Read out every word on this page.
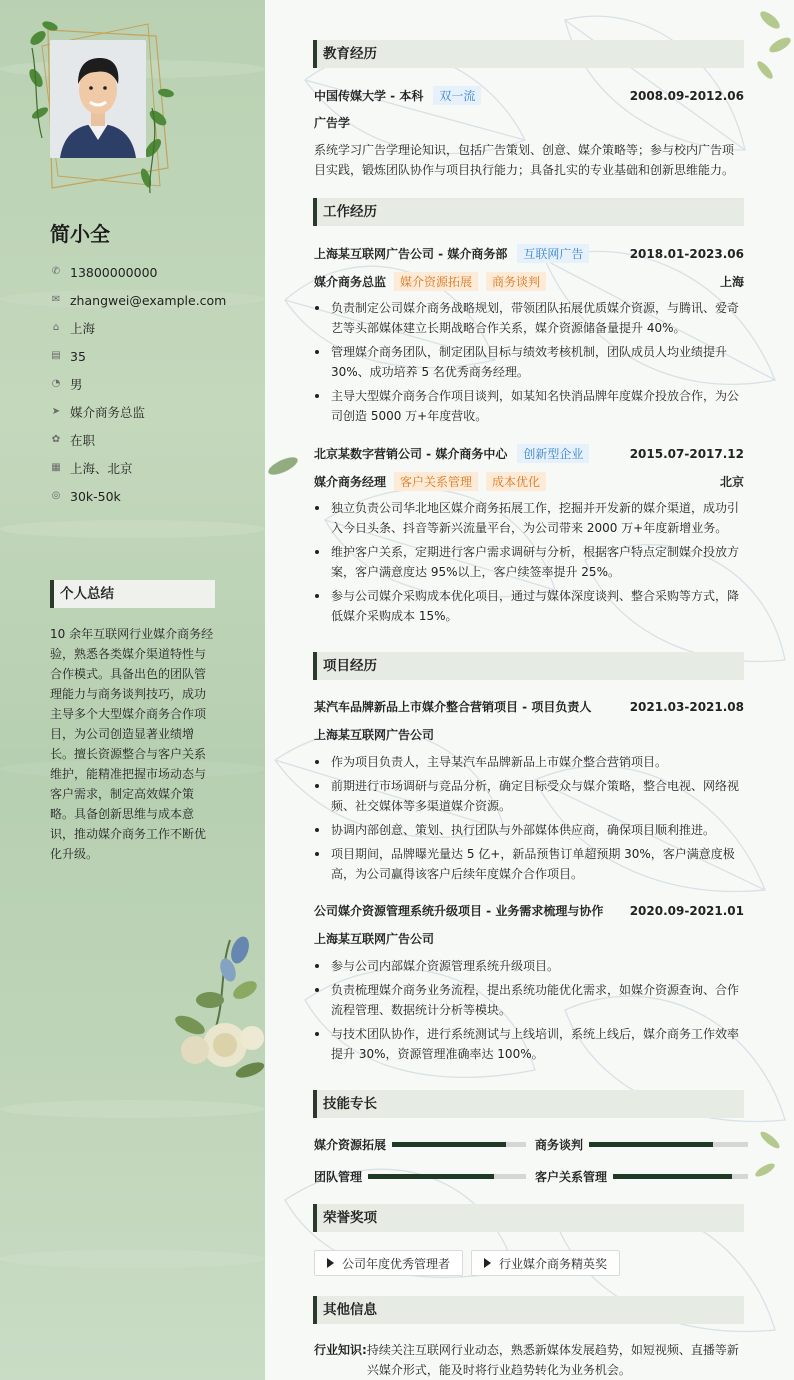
简小全
✆ 13800000000
✉ zhangwei@example.com
⌂ 上海
▤ 35
◔ 男
➤ 媒介商务总监
✿ 在职
▦ 上海、北京
◎ 30k-50k
个人总结
10 余年互联网行业媒介商务经验，熟悉各类媒介渠道特性与合作模式。具备出色的团队管理能力与商务谈判技巧，成功主导多个大型媒介商务合作项目，为公司创造显著业绩增长。擅长资源整合与客户关系维护，能精准把握市场动态与客户需求，制定高效媒介策略。具备创新思维与成本意识，推动媒介商务工作不断优化升级。
教育经历
中国传媒大学 - 本科	双一流	2008.09-2012.06
广告学
系统学习广告学理论知识，包括广告策划、创意、媒介策略等；参与校内广告项目实践，锻炼团队协作与项目执行能力；具备扎实的专业基础和创新思维能力。
工作经历
上海某互联网广告公司 - 媒介商务部	互联网广告	2018.01-2023.06
媒介商务总监	媒介资源拓展	商务谈判	上海
负责制定公司媒介商务战略规划，带领团队拓展优质媒介资源，与腾讯、爱奇艺等头部媒体建立长期战略合作关系，媒介资源储备量提升 40%。
管理媒介商务团队，制定团队目标与绩效考核机制，团队成员人均业绩提升 30%、成功培养 5 名优秀商务经理。
主导大型媒介商务合作项目谈判，如某知名快消品牌年度媒介投放合作，为公司创造 5000 万+年度营收。
北京某数字营销公司 - 媒介商务中心	创新型企业	2015.07-2017.12
媒介商务经理	客户关系管理	成本优化	北京
独立负责公司华北地区媒介商务拓展工作，挖掘并开发新的媒介渠道，成功引入今日头条、抖音等新兴流量平台，为公司带来 2000 万+年度新增业务。
维护客户关系，定期进行客户需求调研与分析，根据客户特点定制媒介投放方案，客户满意度达 95%以上，客户续签率提升 25%。
参与公司媒介采购成本优化项目，通过与媒体深度谈判、整合采购等方式，降低媒介采购成本 15%。
项目经历
某汽车品牌新品上市媒介整合营销项目 - 项目负责人	2021.03-2021.08
上海某互联网广告公司
作为项目负责人，主导某汽车品牌新品上市媒介整合营销项目。
前期进行市场调研与竞品分析，确定目标受众与媒介策略，整合电视、网络视频、社交媒体等多渠道媒介资源。
协调内部创意、策划、执行团队与外部媒体供应商，确保项目顺利推进。
项目期间，品牌曝光量达 5 亿+，新品预售订单超预期 30%，客户满意度极高，为公司赢得该客户后续年度媒介合作项目。
公司媒介资源管理系统升级项目 - 业务需求梳理与协作 2020.09-2021.01
上海某互联网广告公司
参与公司内部媒介资源管理系统升级项目。
负责梳理媒介商务业务流程，提出系统功能优化需求，如媒介资源查询、合作流程管理、数据统计分析等模块。
与技术团队协作，进行系统测试与上线培训，系统上线后，媒介商务工作效率提升 30%，资源管理准确率达 100%。
技能专长
媒介资源拓展	商务谈判
团队管理	客户关系管理
荣誉奖项
公司年度优秀管理者	行业媒介商务精英奖
其他信息
行业知识: 持续关注互联网行业动态，熟悉新媒体发展趋势，如短视频、直播等新兴媒介形式，能及时将行业趋势转化为业务机会。
